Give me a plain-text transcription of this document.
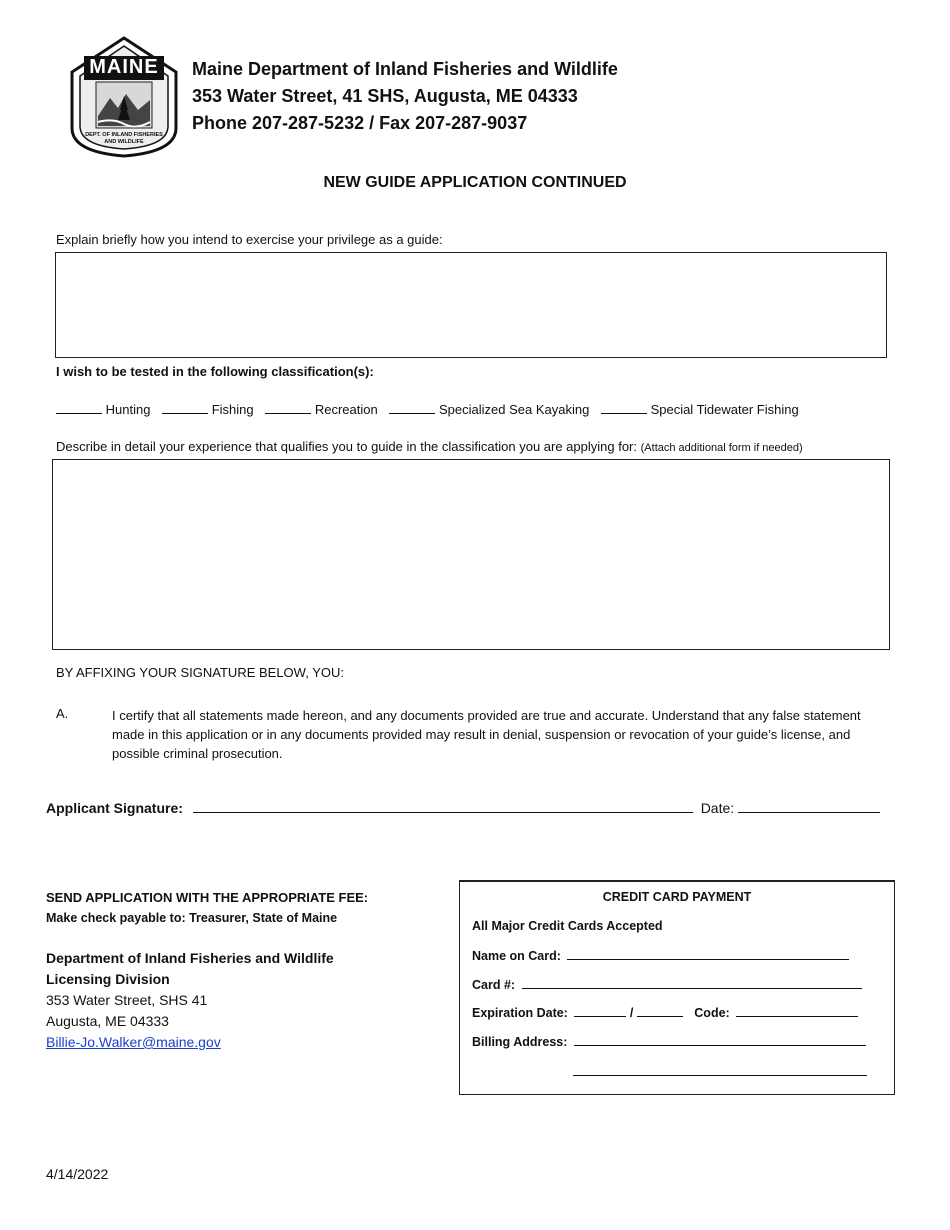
MAINE
DEPT. OF INLAND FISHERIES AND WILDLIFE
Maine Department of Inland Fisheries and Wildlife
353 Water Street, 41 SHS, Augusta, ME 04333
Phone 207-287-5232 / Fax 207-287-9037
NEW GUIDE APPLICATION CONTINUED
Explain briefly how you intend to exercise your privilege as a guide:
I wish to be tested in the following classification(s):
Hunting	Fishing	Recreation	Specialized Sea Kayaking	Special Tidewater Fishing
Describe in detail your experience that qualifies you to guide in the classification you are applying for: (Attach additional form if needed)
BY AFFIXING YOUR SIGNATURE BELOW, YOU:
A.	I certify that all statements made hereon, and any documents provided are true and accurate. Understand that any false statement made in this application or in any documents provided may result in denial, suspension or revocation of your guide’s license, and possible criminal prosecution.
Applicant Signature:	Date:
SEND APPLICATION WITH THE APPROPRIATE FEE:
Make check payable to: Treasurer, State of Maine
Department of Inland Fisheries and Wildlife
Licensing Division
353 Water Street, SHS 41
Augusta, ME 04333
Billie-Jo.Walker@maine.gov
CREDIT CARD PAYMENT
All Major Credit Cards Accepted
Name on Card:
Card #:
Expiration Date:	/	Code:
Billing Address:
4/14/2022
